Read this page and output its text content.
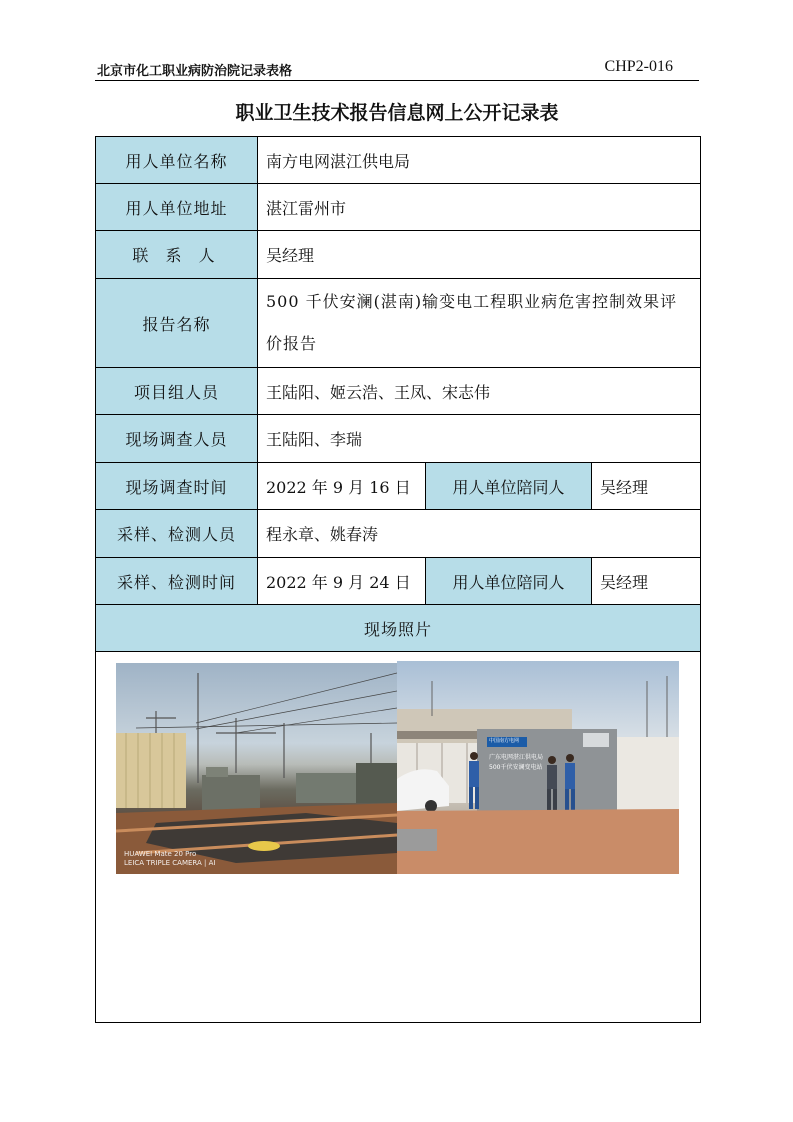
北京市化工职业病防治院记录表格	CHP2-016
职业卫生技术报告信息网上公开记录表
用人单位名称	南方电网湛江供电局		
用人单位地址	湛江雷州市		
联 系 人	吴经理		
报告名称	500 千伏安澜(湛南)输变电工程职业病危害控制效果评价报告		
项目组人员	王陆阳、姬云浩、王凤、宋志伟		
现场调查人员	王陆阳、李瑞		
现场调查时间	2022 年 9 月 16 日	用人单位陪同人	吴经理
采样、检测人员	程永章、姚春涛		
采样、检测时间	2022 年 9 月 24 日	用人单位陪同人	吴经理
现场照片			

HUAWEI Mate 20 Pro
LEICA TRIPLE CAMERA | AI
中国南方电网
广东电网湛江供电局
500千伏安澜变电站			
